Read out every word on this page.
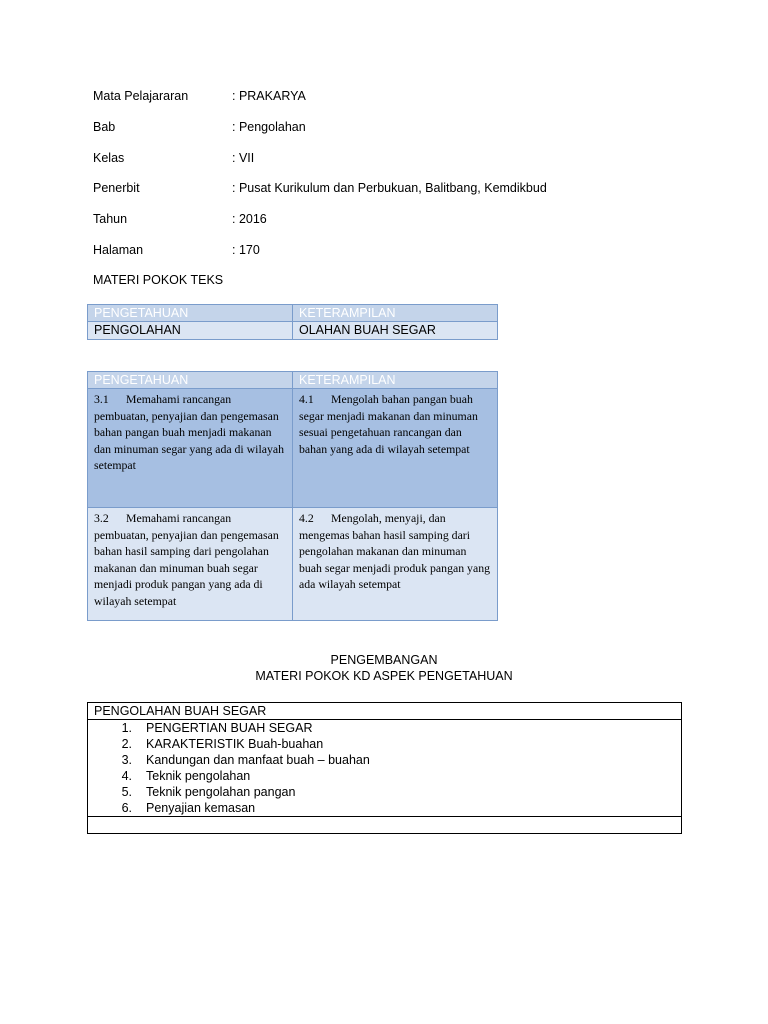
Mata Pelajararan	: PRAKARYA
Bab	: Pengolahan
Kelas	: VII
Penerbit	: Pusat Kurikulum dan Perbukuan, Balitbang, Kemdikbud
Tahun	: 2016
Halaman	: 170
MATERI POKOK TEKS
PENGETAHUAN	KETERAMPILAN
PENGOLAHAN	OLAHAN BUAH SEGAR
PENGETAHUAN	KETERAMPILAN
3.1 Memahami rancangan pembuatan, penyajian dan pengemasan bahan pangan buah menjadi makanan dan minuman segar yang ada di wilayah setempat	4.1 Mengolah bahan pangan buah segar menjadi makanan dan minuman sesuai pengetahuan rancangan dan bahan yang ada di wilayah setempat
3.2 Memahami rancangan pembuatan, penyajian dan pengemasan bahan hasil samping dari pengolahan makanan dan minuman buah segar menjadi produk pangan yang ada di wilayah setempat	4.2 Mengolah, menyaji, dan mengemas bahan hasil samping dari pengolahan makanan dan minuman buah segar menjadi produk pangan yang ada wilayah setempat
PENGEMBANGAN
MATERI POKOK KD ASPEK PENGETAHUAN
PENGOLAHAN BUAH SEGAR
1. PENGERTIAN BUAH SEGAR
2. KARAKTERISTIK Buah-buahan
3. Kandungan dan manfaat buah – buahan
4. Teknik pengolahan
5. Teknik pengolahan pangan
6. Penyajian kemasan
